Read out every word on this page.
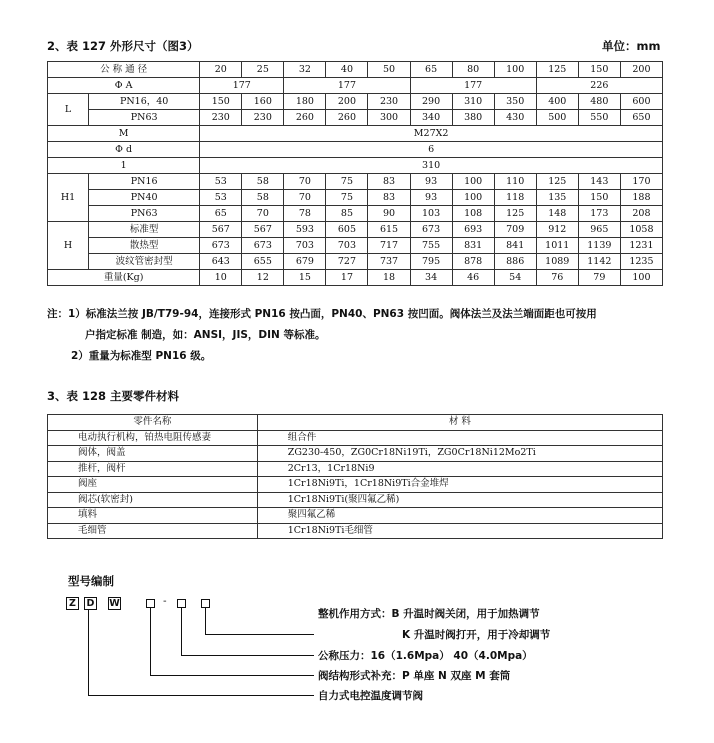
2、表 127 外形尺寸（图3）	单位：mm
公 称 通 径		20	25	32	40	50	65	80	100	125	150	200
Φ A		177		177			177			226		
L	PN16，40	150	160	180	200	230	290	310	350	400	480	600
	PN63	230	230	260	260	300	340	380	430	500	550	650
M		M27X2										
Φ d		6										
1		310										
H1	PN16	53	58	70	75	83	93	100	110	125	143	170
	PN40	53	58	70	75	83	93	100	118	135	150	188
	PN63	65	70	78	85	90	103	108	125	148	173	208
H	标准型	567	567	593	605	615	673	693	709	912	965	1058
	散热型	673	673	703	703	717	755	831	841	1011	1139	1231
	波纹管密封型	643	655	679	727	737	795	878	886	1089	1142	1235
重量(Kg)		10	12	15	17	18	34	46	54	76	79	100
注：1）标准法兰按 JB/T79-94，连接形式 PN16 按凸面，PN40、PN63 按凹面。阀体法兰及法兰端面距也可按用
户指定标准 制造，如：ANSI，JIS，DIN 等标准。
2）重量为标准型 PN16 级。
3、表 128 主要零件材料
零件名称	材 料
电动执行机构，铂热电阻传感妻	组合件
阀体，阀盖	ZG230-450，ZG0Cr18Ni19Ti，ZG0Cr18Ni12Mo2Ti
推杆，阀杆	2Cr13，1Cr18Ni9
阀座	1Cr18Ni9Ti，1Cr18Ni9Ti合金堆焊
阀芯(软密封)	1Cr18Ni9Ti(聚四氟乙稀)
填料	聚四氟乙稀
毛细管	1Cr18Ni9Ti毛细管
型号编制
Z	D W	-
整机作用方式：B 升温时阀关闭，用于加热调节
K 升温时阀打开，用于冷却调节
公称压力：16（1.6Mpa） 40（4.0Mpa）
阀结构形式补充：P 单座 N 双座 M 套筒
自力式电控温度调节阀
